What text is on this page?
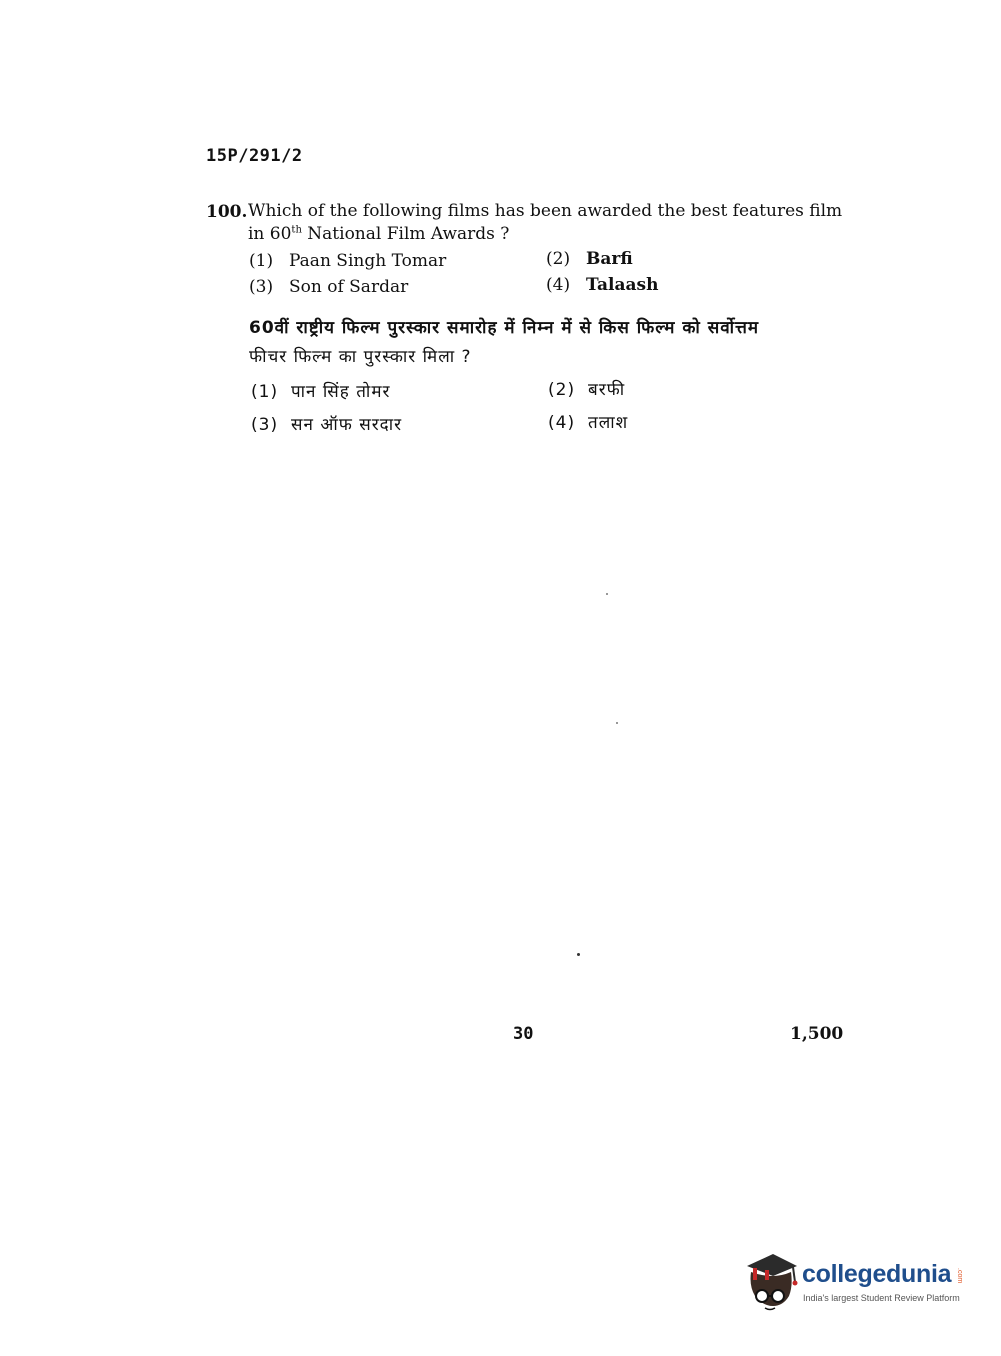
15P/291/2
100. Which of the following films has been awarded the best features film
in 60th National Film Awards ?
(1) Paan Singh Tomar	(2) Barfi
(3) Son of Sardar	(4) Talaash
60वीं राष्ट्रीय फिल्म पुरस्कार समारोह में निम्न में से किस फिल्म को सर्वोत्तम
फीचर फिल्म का पुरस्कार मिला ?
(1) पान सिंह तोमर	(2) बरफी
(3) सन ऑफ सरदार	(4) तलाश
30	1,500
collegedunia .com
India's largest Student Review Platform
